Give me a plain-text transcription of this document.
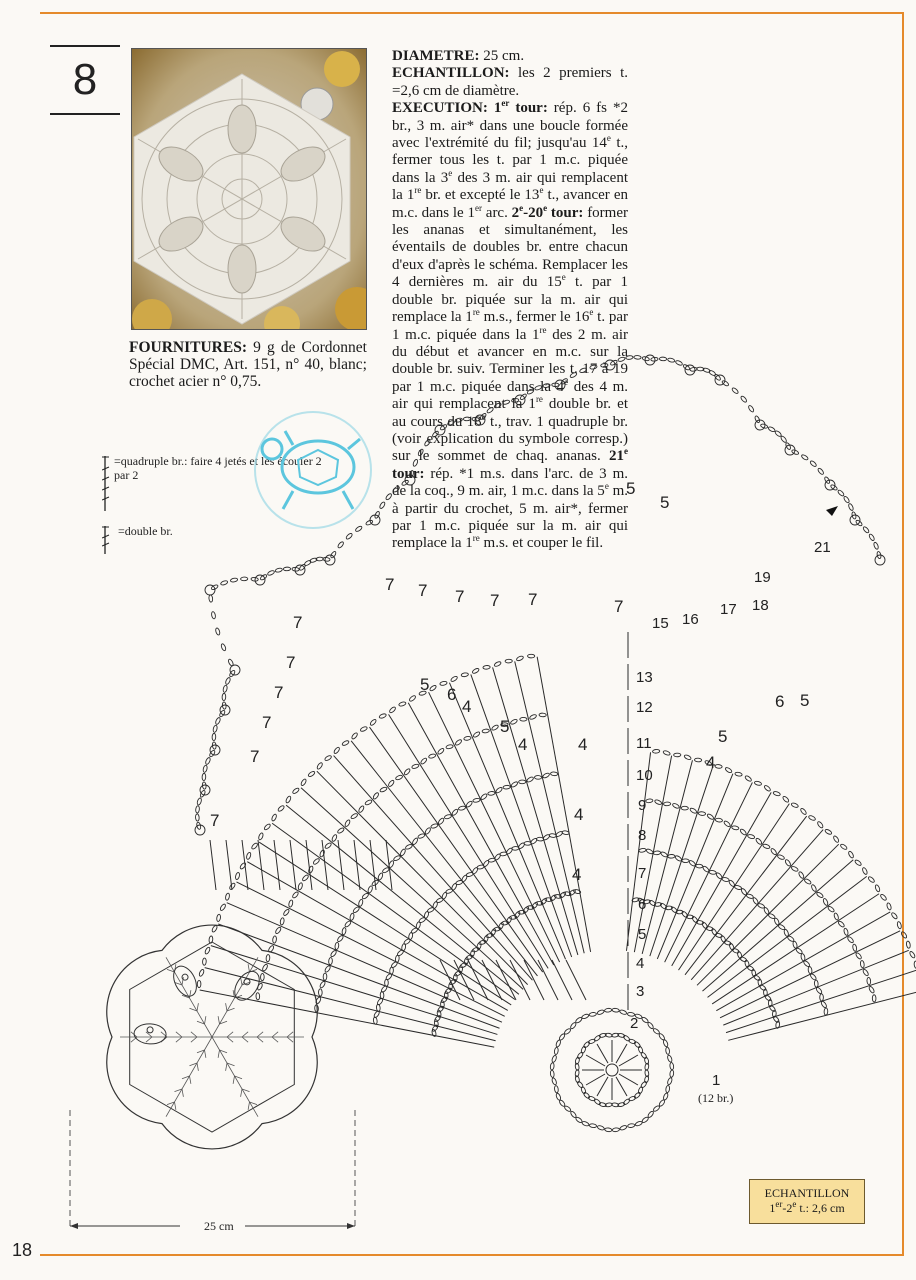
8
FOURNITURES: 9 g de Cordonnet Spécial DMC, Art. 151, n° 40, blanc; crochet acier n° 0,75.
DIAMETRE: 25 cm.
ECHANTILLON: les 2 premiers t. =2,6 cm de diamètre.
EXECUTION: 1er tour: rép. 6 fs *2 br., 3 m. air* dans une boucle formée avec l'extrémité du fil; jusqu'au 14e t., fermer tous les t. par 1 m.c. piquée dans la 3e des 3 m. air qui remplacent la 1re br. et excepté le 13e t., avancer en m.c. dans le 1er arc. 2e-20e tour: former les ananas et simultanément, les éventails de doubles br. entre chacun d'eux d'après le schéma. Remplacer les 4 dernières m. air du 15e t. par 1 double br. piquée sur la m. air qui remplace la 1re m.s., fermer le 16e t. par 1 m.c. piquée dans la 1re des 2 m. air du début et avancer en m.c. sur la double br. suiv. Terminer les t. 17 à 19 par 1 m.c. piquée dans la 4e des 4 m. air qui remplacent la 1re double br. et au cours du 18e t., trav. 1 quadruple br. (voir explication du symbole corresp.) sur le sommet de chaq. ananas. 21e tour: rép. *1 m.s. dans l'arc. de 3 m. de la coq., 9 m. air, 1 m.c. dans la 5e m. à partir du crochet, 5 m. air*, fermer par 1 m.c. piquée sur la m. air qui remplace la 1re m.s. et couper le fil.
=quadruple br.: faire 4 jetés et les écouler 2 par 2
=double br.
1
(12 br.)
2
3
4
5
6
7
8
9
10
11
12
13
15 16
17 18
19
21
7 7 7 7 7	7
7
7
7
7
7
7
6	6
5
5
5
5
5
5
4
4	4
4
4
4
25 cm
ECHANTILLON
1er-2e t.: 2,6 cm
18
